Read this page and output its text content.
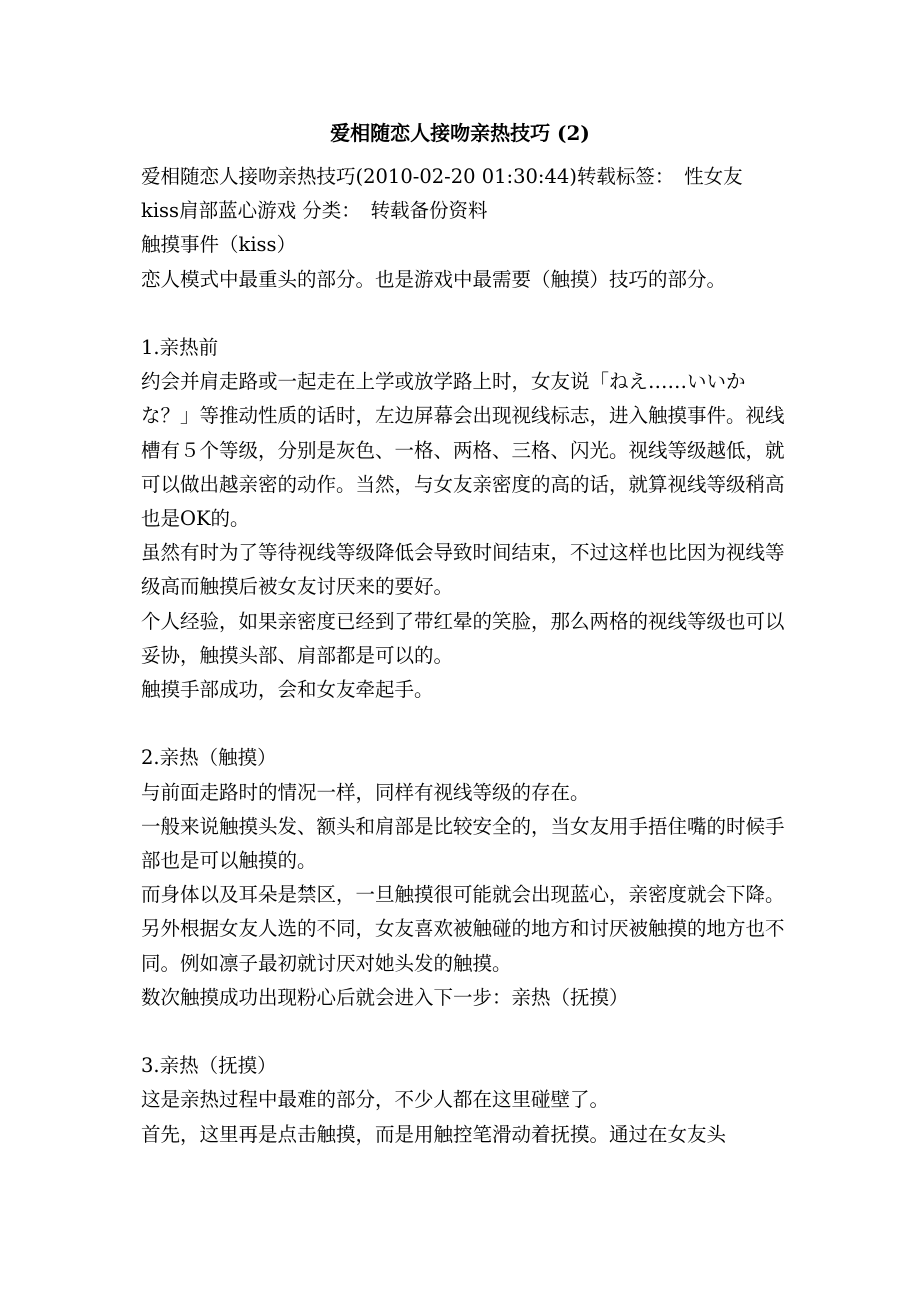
爱相随恋人接吻亲热技巧 (2)

爱相随恋人接吻亲热技巧(2010-02-20 01:30:44)转载标签：　性女友

kiss肩部蓝心游戏 分类：　转载备份资料

触摸事件（kiss）

恋人模式中最重头的部分。也是游戏中最需要（触摸）技巧的部分。

1.亲热前

约会并肩走路或一起走在上学或放学路上时，女友说「ねえ……いいかな？」等推动性质的话时，左边屏幕会出现视线标志，进入触摸事件。视线槽有５个等级，分别是灰色、一格、两格、三格、闪光。视线等级越低，就可以做出越亲密的动作。当然，与女友亲密度的高的话，就算视线等级稍高也是OK的。

虽然有时为了等待视线等级降低会导致时间结束，不过这样也比因为视线等级高而触摸后被女友讨厌来的要好。

个人经验，如果亲密度已经到了带红晕的笑脸，那么两格的视线等级也可以妥协，触摸头部、肩部都是可以的。

触摸手部成功，会和女友牵起手。

2.亲热（触摸）

与前面走路时的情况一样，同样有视线等级的存在。

一般来说触摸头发、额头和肩部是比较安全的，当女友用手捂住嘴的时候手部也是可以触摸的。

而身体以及耳朵是禁区，一旦触摸很可能就会出现蓝心，亲密度就会下降。

另外根据女友人选的不同，女友喜欢被触碰的地方和讨厌被触摸的地方也不同。例如凛子最初就讨厌对她头发的触摸。

数次触摸成功出现粉心后就会进入下一步：亲热（抚摸）

3.亲热（抚摸）

这是亲热过程中最难的部分，不少人都在这里碰壁了。

首先，这里再是点击触摸，而是用触控笔滑动着抚摸。通过在女友头
